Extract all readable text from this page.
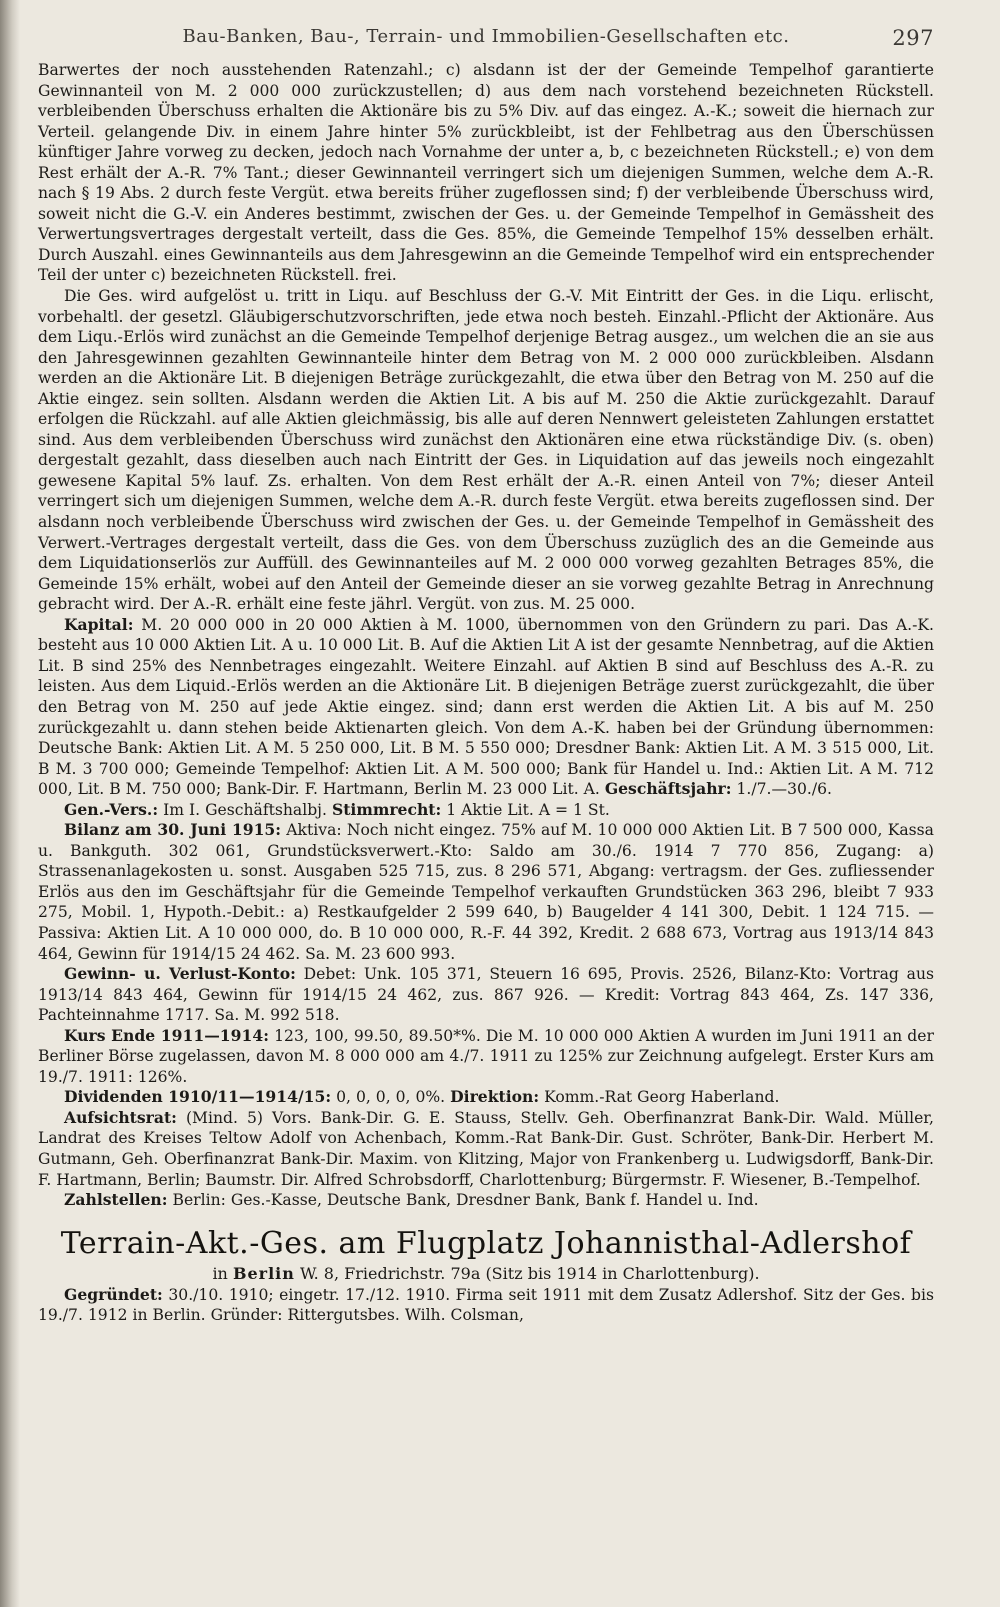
Bau-Banken, Bau-, Terrain- und Immobilien-Gesellschaften etc.	297

Barwertes der noch ausstehenden Ratenzahl.; c) alsdann ist der der Gemeinde Tempelhof garantierte Gewinnanteil von M. 2 000 000 zurückzustellen; d) aus dem nach vorstehend bezeichneten Rückstell. verbleibenden Überschuss erhalten die Aktionäre bis zu 5% Div. auf das eingez. A.-K.; soweit die hiernach zur Verteil. gelangende Div. in einem Jahre hinter 5% zurückbleibt, ist der Fehlbetrag aus den Überschüssen künftiger Jahre vorweg zu decken, jedoch nach Vornahme der unter a, b, c bezeichneten Rückstell.; e) von dem Rest erhält der A.-R. 7% Tant.; dieser Gewinnanteil verringert sich um diejenigen Summen, welche dem A.-R. nach § 19 Abs. 2 durch feste Vergüt. etwa bereits früher zugeflossen sind; f) der verbleibende Überschuss wird, soweit nicht die G.-V. ein Anderes bestimmt, zwischen der Ges. u. der Gemeinde Tempelhof in Gemässheit des Verwertungsvertrages dergestalt verteilt, dass die Ges. 85%, die Gemeinde Tempelhof 15% desselben erhält. Durch Auszahl. eines Gewinnanteils aus dem Jahresgewinn an die Gemeinde Tempelhof wird ein entsprechender Teil der unter c) bezeichneten Rückstell. frei.

Die Ges. wird aufgelöst u. tritt in Liqu. auf Beschluss der G.-V. Mit Eintritt der Ges. in die Liqu. erlischt, vorbehaltl. der gesetzl. Gläubigerschutzvorschriften, jede etwa noch besteh. Einzahl.-Pflicht der Aktionäre. Aus dem Liqu.-Erlös wird zunächst an die Gemeinde Tempelhof derjenige Betrag ausgez., um welchen die an sie aus den Jahresgewinnen gezahlten Gewinnanteile hinter dem Betrag von M. 2 000 000 zurückbleiben. Alsdann werden an die Aktionäre Lit. B diejenigen Beträge zurückgezahlt, die etwa über den Betrag von M. 250 auf die Aktie eingez. sein sollten. Alsdann werden die Aktien Lit. A bis auf M. 250 die Aktie zurückgezahlt. Darauf erfolgen die Rückzahl. auf alle Aktien gleichmässig, bis alle auf deren Nennwert geleisteten Zahlungen erstattet sind. Aus dem verbleibenden Überschuss wird zunächst den Aktionären eine etwa rückständige Div. (s. oben) dergestalt gezahlt, dass dieselben auch nach Eintritt der Ges. in Liquidation auf das jeweils noch eingezahlt gewesene Kapital 5% lauf. Zs. erhalten. Von dem Rest erhält der A.-R. einen Anteil von 7%; dieser Anteil verringert sich um diejenigen Summen, welche dem A.-R. durch feste Vergüt. etwa bereits zugeflossen sind. Der alsdann noch verbleibende Überschuss wird zwischen der Ges. u. der Gemeinde Tempelhof in Gemässheit des Verwert.-Vertrages dergestalt verteilt, dass die Ges. von dem Überschuss zuzüglich des an die Gemeinde aus dem Liquidationserlös zur Auffüll. des Gewinnanteiles auf M. 2 000 000 vorweg gezahlten Betrages 85%, die Gemeinde 15% erhält, wobei auf den Anteil der Gemeinde dieser an sie vorweg gezahlte Betrag in Anrechnung gebracht wird. Der A.-R. erhält eine feste jährl. Vergüt. von zus. M. 25 000.

Kapital: M. 20 000 000 in 20 000 Aktien à M. 1000, übernommen von den Gründern zu pari. Das A.-K. besteht aus 10 000 Aktien Lit. A u. 10 000 Lit. B. Auf die Aktien Lit A ist der gesamte Nennbetrag, auf die Aktien Lit. B sind 25% des Nennbetrages eingezahlt. Weitere Einzahl. auf Aktien B sind auf Beschluss des A.-R. zu leisten. Aus dem Liquid.-Erlös werden an die Aktionäre Lit. B diejenigen Beträge zuerst zurückgezahlt, die über den Betrag von M. 250 auf jede Aktie eingez. sind; dann erst werden die Aktien Lit. A bis auf M. 250 zurückgezahlt u. dann stehen beide Aktienarten gleich. Von dem A.-K. haben bei der Gründung übernommen: Deutsche Bank: Aktien Lit. A M. 5 250 000, Lit. B M. 5 550 000; Dresdner Bank: Aktien Lit. A M. 3 515 000, Lit. B M. 3 700 000; Gemeinde Tempelhof: Aktien Lit. A M. 500 000; Bank für Handel u. Ind.: Aktien Lit. A M. 712 000, Lit. B M. 750 000; Bank-Dir. F. Hartmann, Berlin M. 23 000 Lit. A. Geschäftsjahr: 1./7.—30./6.

Gen.-Vers.: Im I. Geschäftshalbj. Stimmrecht: 1 Aktie Lit. A = 1 St.

Bilanz am 30. Juni 1915: Aktiva: Noch nicht eingez. 75% auf M. 10 000 000 Aktien Lit. B 7 500 000, Kassa u. Bankguth. 302 061, Grundstücksverwert.-Kto: Saldo am 30./6. 1914 7 770 856, Zugang: a) Strassenanlagekosten u. sonst. Ausgaben 525 715, zus. 8 296 571, Abgang: vertragsm. der Ges. zufliessender Erlös aus den im Geschäftsjahr für die Gemeinde Tempelhof verkauften Grundstücken 363 296, bleibt 7 933 275, Mobil. 1, Hypoth.-Debit.: a) Restkaufgelder 2 599 640, b) Baugelder 4 141 300, Debit. 1 124 715. — Passiva: Aktien Lit. A 10 000 000, do. B 10 000 000, R.-F. 44 392, Kredit. 2 688 673, Vortrag aus 1913/14 843 464, Gewinn für 1914/15 24 462. Sa. M. 23 600 993.

Gewinn- u. Verlust-Konto: Debet: Unk. 105 371, Steuern 16 695, Provis. 2526, Bilanz-Kto: Vortrag aus 1913/14 843 464, Gewinn für 1914/15 24 462, zus. 867 926. — Kredit: Vortrag 843 464, Zs. 147 336, Pachteinnahme 1717. Sa. M. 992 518.

Kurs Ende 1911—1914: 123, 100, 99.50, 89.50*%. Die M. 10 000 000 Aktien A wurden im Juni 1911 an der Berliner Börse zugelassen, davon M. 8 000 000 am 4./7. 1911 zu 125% zur Zeichnung aufgelegt. Erster Kurs am 19./7. 1911: 126%.

Dividenden 1910/11—1914/15: 0, 0, 0, 0, 0%. Direktion: Komm.-Rat Georg Haberland.

Aufsichtsrat: (Mind. 5) Vors. Bank-Dir. G. E. Stauss, Stellv. Geh. Oberfinanzrat Bank-Dir. Wald. Müller, Landrat des Kreises Teltow Adolf von Achenbach, Komm.-Rat Bank-Dir. Gust. Schröter, Bank-Dir. Herbert M. Gutmann, Geh. Oberfinanzrat Bank-Dir. Maxim. von Klitzing, Major von Frankenberg u. Ludwigsdorff, Bank-Dir. F. Hartmann, Berlin; Baumstr. Dir. Alfred Schrobsdorff, Charlottenburg; Bürgermstr. F. Wiesener, B.-Tempelhof.

Zahlstellen: Berlin: Ges.-Kasse, Deutsche Bank, Dresdner Bank, Bank f. Handel u. Ind.

Terrain-Akt.-Ges. am Flugplatz Johannisthal-Adlershof

in Berlin W. 8, Friedrichstr. 79a (Sitz bis 1914 in Charlottenburg).

Gegründet: 30./10. 1910; eingetr. 17./12. 1910. Firma seit 1911 mit dem Zusatz Adlershof. Sitz der Ges. bis 19./7. 1912 in Berlin. Gründer: Rittergutsbes. Wilh. Colsman,
